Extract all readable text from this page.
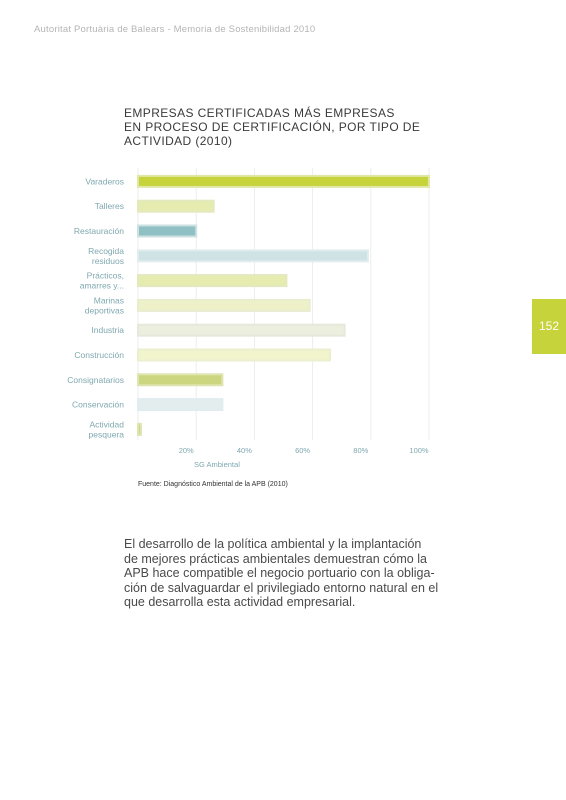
Autoritat Portuària de Balears - Memoria de Sostenibilidad 2010
152
EMPRESAS CERTIFICADAS MÁS EMPRESAS
EN PROCESO DE CERTIFICACIÓN, POR TIPO DE
ACTIVIDAD (2010)
Varaderos
Talleres
Restauración
Recogida
residuos
Prácticos,
amarres y...
Marinas
deportivas
Industria
Construcción
Consignatarios
Conservación
Actividad
pesquera
20%	40%	60%	80%	100%
SG Ambiental
Fuente: Diagnóstico Ambiental de la APB (2010)
El desarrollo de la política ambiental y la implantación
de mejores prácticas ambientales demuestran cómo la
APB hace compatible el negocio portuario con la obliga-
ción de salvaguardar el privilegiado entorno natural en el
que desarrolla esta actividad empresarial.
